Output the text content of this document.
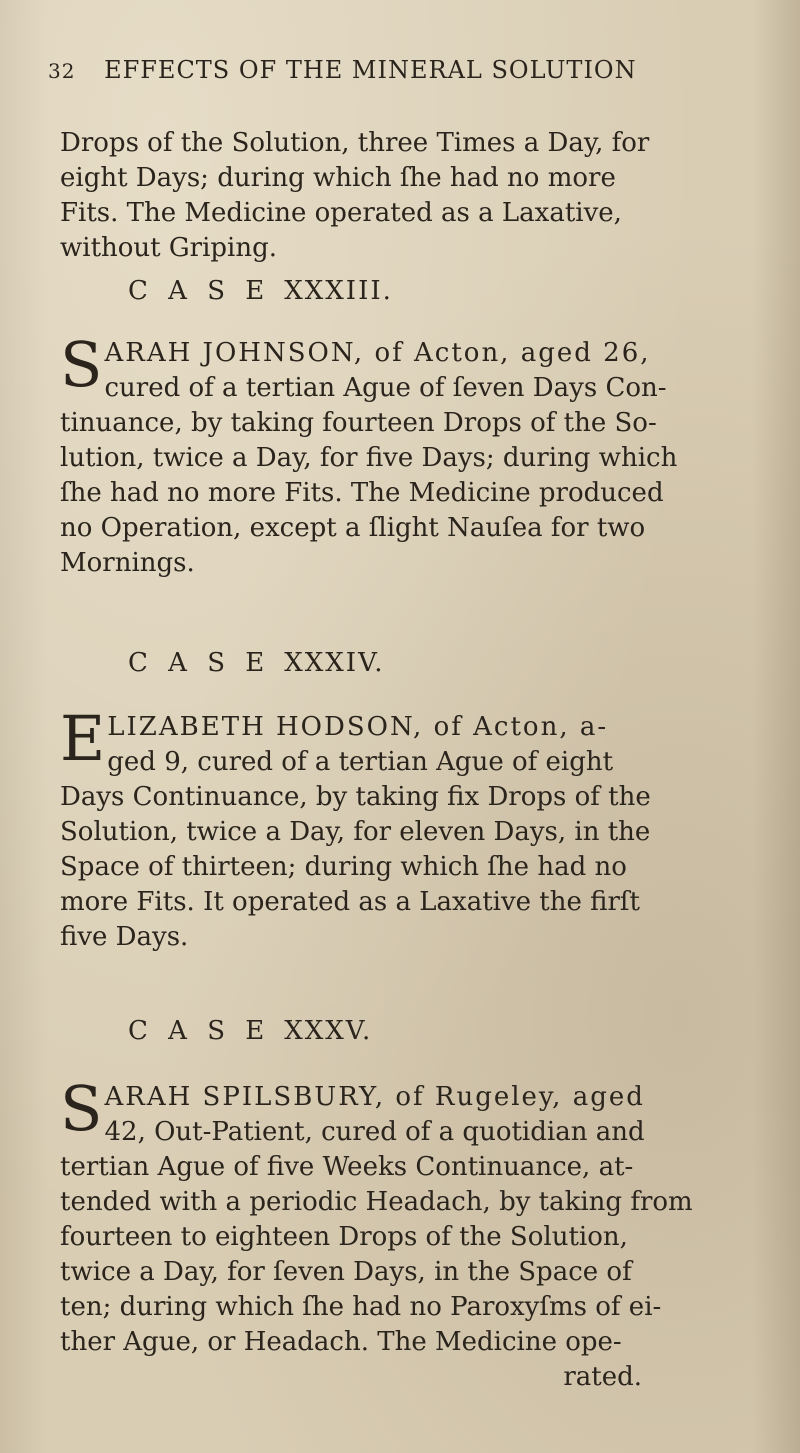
32 EFFECTS OF THE MINERAL SOLUTION
Drops of the Solution, three Times a Day, for
eight Days; during which ſhe had no more
Fits. The Medicine operated as a Laxative,
without Griping.
C A S E XXXIII.
S ARAH JOHNSON, of Acton, aged 26,
cured of a tertian Ague of ſeven Days Con-
tinuance, by taking fourteen Drops of the So-
lution, twice a Day, for five Days; during which
ſhe had no more Fits. The Medicine produced
no Operation, except a ſlight Nauſea for two
Mornings.
C A S E XXXIV.
E LIZABETH HODSON, of Acton, a-
ged 9, cured of a tertian Ague of eight
Days Continuance, by taking fix Drops of the
Solution, twice a Day, for eleven Days, in the
Space of thirteen; during which ſhe had no
more Fits. It operated as a Laxative the firſt
five Days.
C A S E XXXV.
S ARAH SPILSBURY, of Rugeley, aged
42, Out-Patient, cured of a quotidian and
tertian Ague of five Weeks Continuance, at-
tended with a periodic Headach, by taking from
fourteen to eighteen Drops of the Solution,
twice a Day, for ſeven Days, in the Space of
ten; during which ſhe had no Paroxyſms of ei-
ther Ague, or Headach. The Medicine ope-
rated.
